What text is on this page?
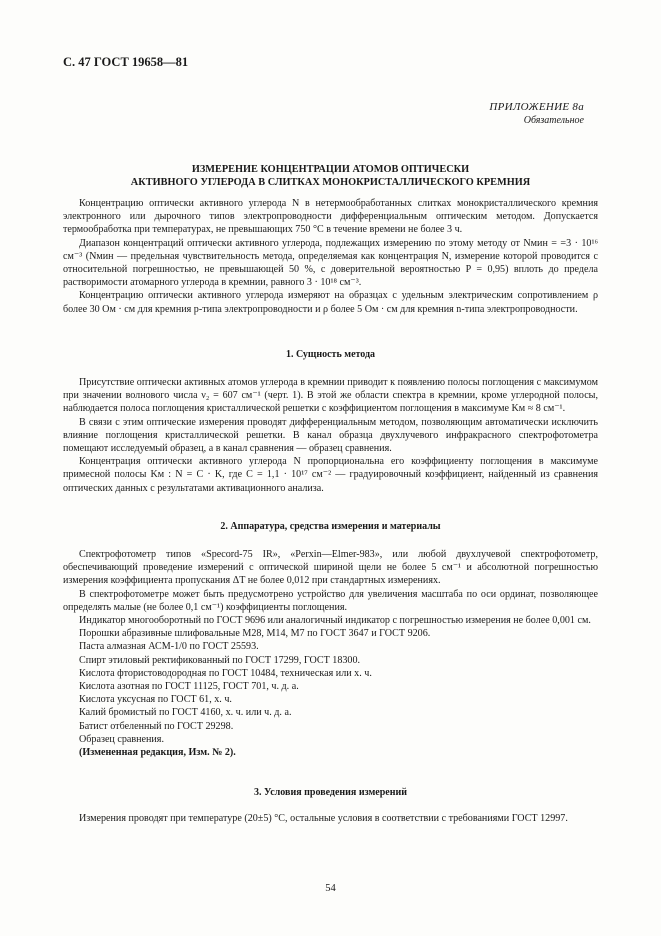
С. 47 ГОСТ 19658—81
ПРИЛОЖЕНИЕ 8а
Обязательное
ИЗМЕРЕНИЕ КОНЦЕНТРАЦИИ АТОМОВ ОПТИЧЕСКИ
АКТИВНОГО УГЛЕРОДА В СЛИТКАХ МОНОКРИСТАЛЛИЧЕСКОГО КРЕМНИЯ

Концентрацию оптически активного углерода N в нетермообработанных слитках монокристаллического кремния электронного или дырочного типов электропроводности дифференциальным оптическим методом. Допускается термообработка при температурах, не превышающих 750 °С в течение времени не более 3 ч.

Диапазон концентраций оптически активного углерода, подлежащих измерению по этому методу от Nмин = =3 · 10¹⁶ см⁻³ (Nмин — предельная чувствительность метода, определяемая как концентрация N, измерение которой проводится с относительной погрешностью, не превышающей 50 %, с доверительной вероятностью P = 0,95) вплоть до предела растворимости атомарного углерода в кремнии, равного 3 · 10¹⁸ см⁻³.

Концентрацию оптически активного углерода измеряют на образцах с удельным электрическим сопротивлением ρ более 30 Ом · см для кремния p-типа электропроводности и ρ более 5 Ом · см для кремния n-типа электропроводности.

1. Сущность метода

Присутствие оптически активных атомов углерода в кремнии приводит к появлению полосы поглощения с максимумом при значении волнового числа ν₂ = 607 см⁻¹ (черт. 1). В этой же области спектра в кремнии, кроме углеродной полосы, наблюдается полоса поглощения кристаллической решетки с коэффициентом поглощения в максимуме Kм ≈ 8 см⁻¹.

В связи с этим оптические измерения проводят дифференциальным методом, позволяющим автоматически исключить влияние поглощения кристаллической решетки. В канал образца двухлучевого инфракрасного спектрофотометра помещают исследуемый образец, а в канал сравнения — образец сравнения.

Концентрация оптически активного углерода N пропорциональна его коэффициенту поглощения в максимуме примесной полосы Kм : N = C · K, где C = 1,1 · 10¹⁷ см⁻² — градуировочный коэффициент, найденный из сравнения оптических данных с результатами активационного анализа.

2. Аппаратура, средства измерения и материалы

Спектрофотометр типов «Specord-75 IR», «Perxin—Elmer-983», или любой двухлучевой спектрофотометр, обеспечивающий проведение измерений с оптической шириной щели не более 5 см⁻¹ и абсолютной погрешностью измерения коэффициента пропускания ΔT не более 0,012 при стандартных измерениях.

В спектрофотометре может быть предусмотрено устройство для увеличения масштаба по оси ординат, позволяющее определять малые (не более 0,1 см⁻¹) коэффициенты поглощения.

Индикатор многооборотный по ГОСТ 9696 или аналогичный индикатор с погрешностью измерения не более 0,001 см.

Порошки абразивные шлифовальные М28, М14, М7 по ГОСТ 3647 и ГОСТ 9206.

Паста алмазная АСМ-1/0 по ГОСТ 25593.

Спирт этиловый ректификованный по ГОСТ 17299, ГОСТ 18300.

Кислота фтористоводородная по ГОСТ 10484, техническая или х. ч.

Кислота азотная по ГОСТ 11125, ГОСТ 701, ч. д. а.

Кислота уксусная по ГОСТ 61, х. ч.

Калий бромистый по ГОСТ 4160, х. ч. или ч. д. а.

Батист отбеленный по ГОСТ 29298.

Образец сравнения.

(Измененная редакция, Изм. № 2).

3. Условия проведения измерений

Измерения проводят при температуре (20±5) °С, остальные условия в соответствии с требованиями ГОСТ 12997.

54
